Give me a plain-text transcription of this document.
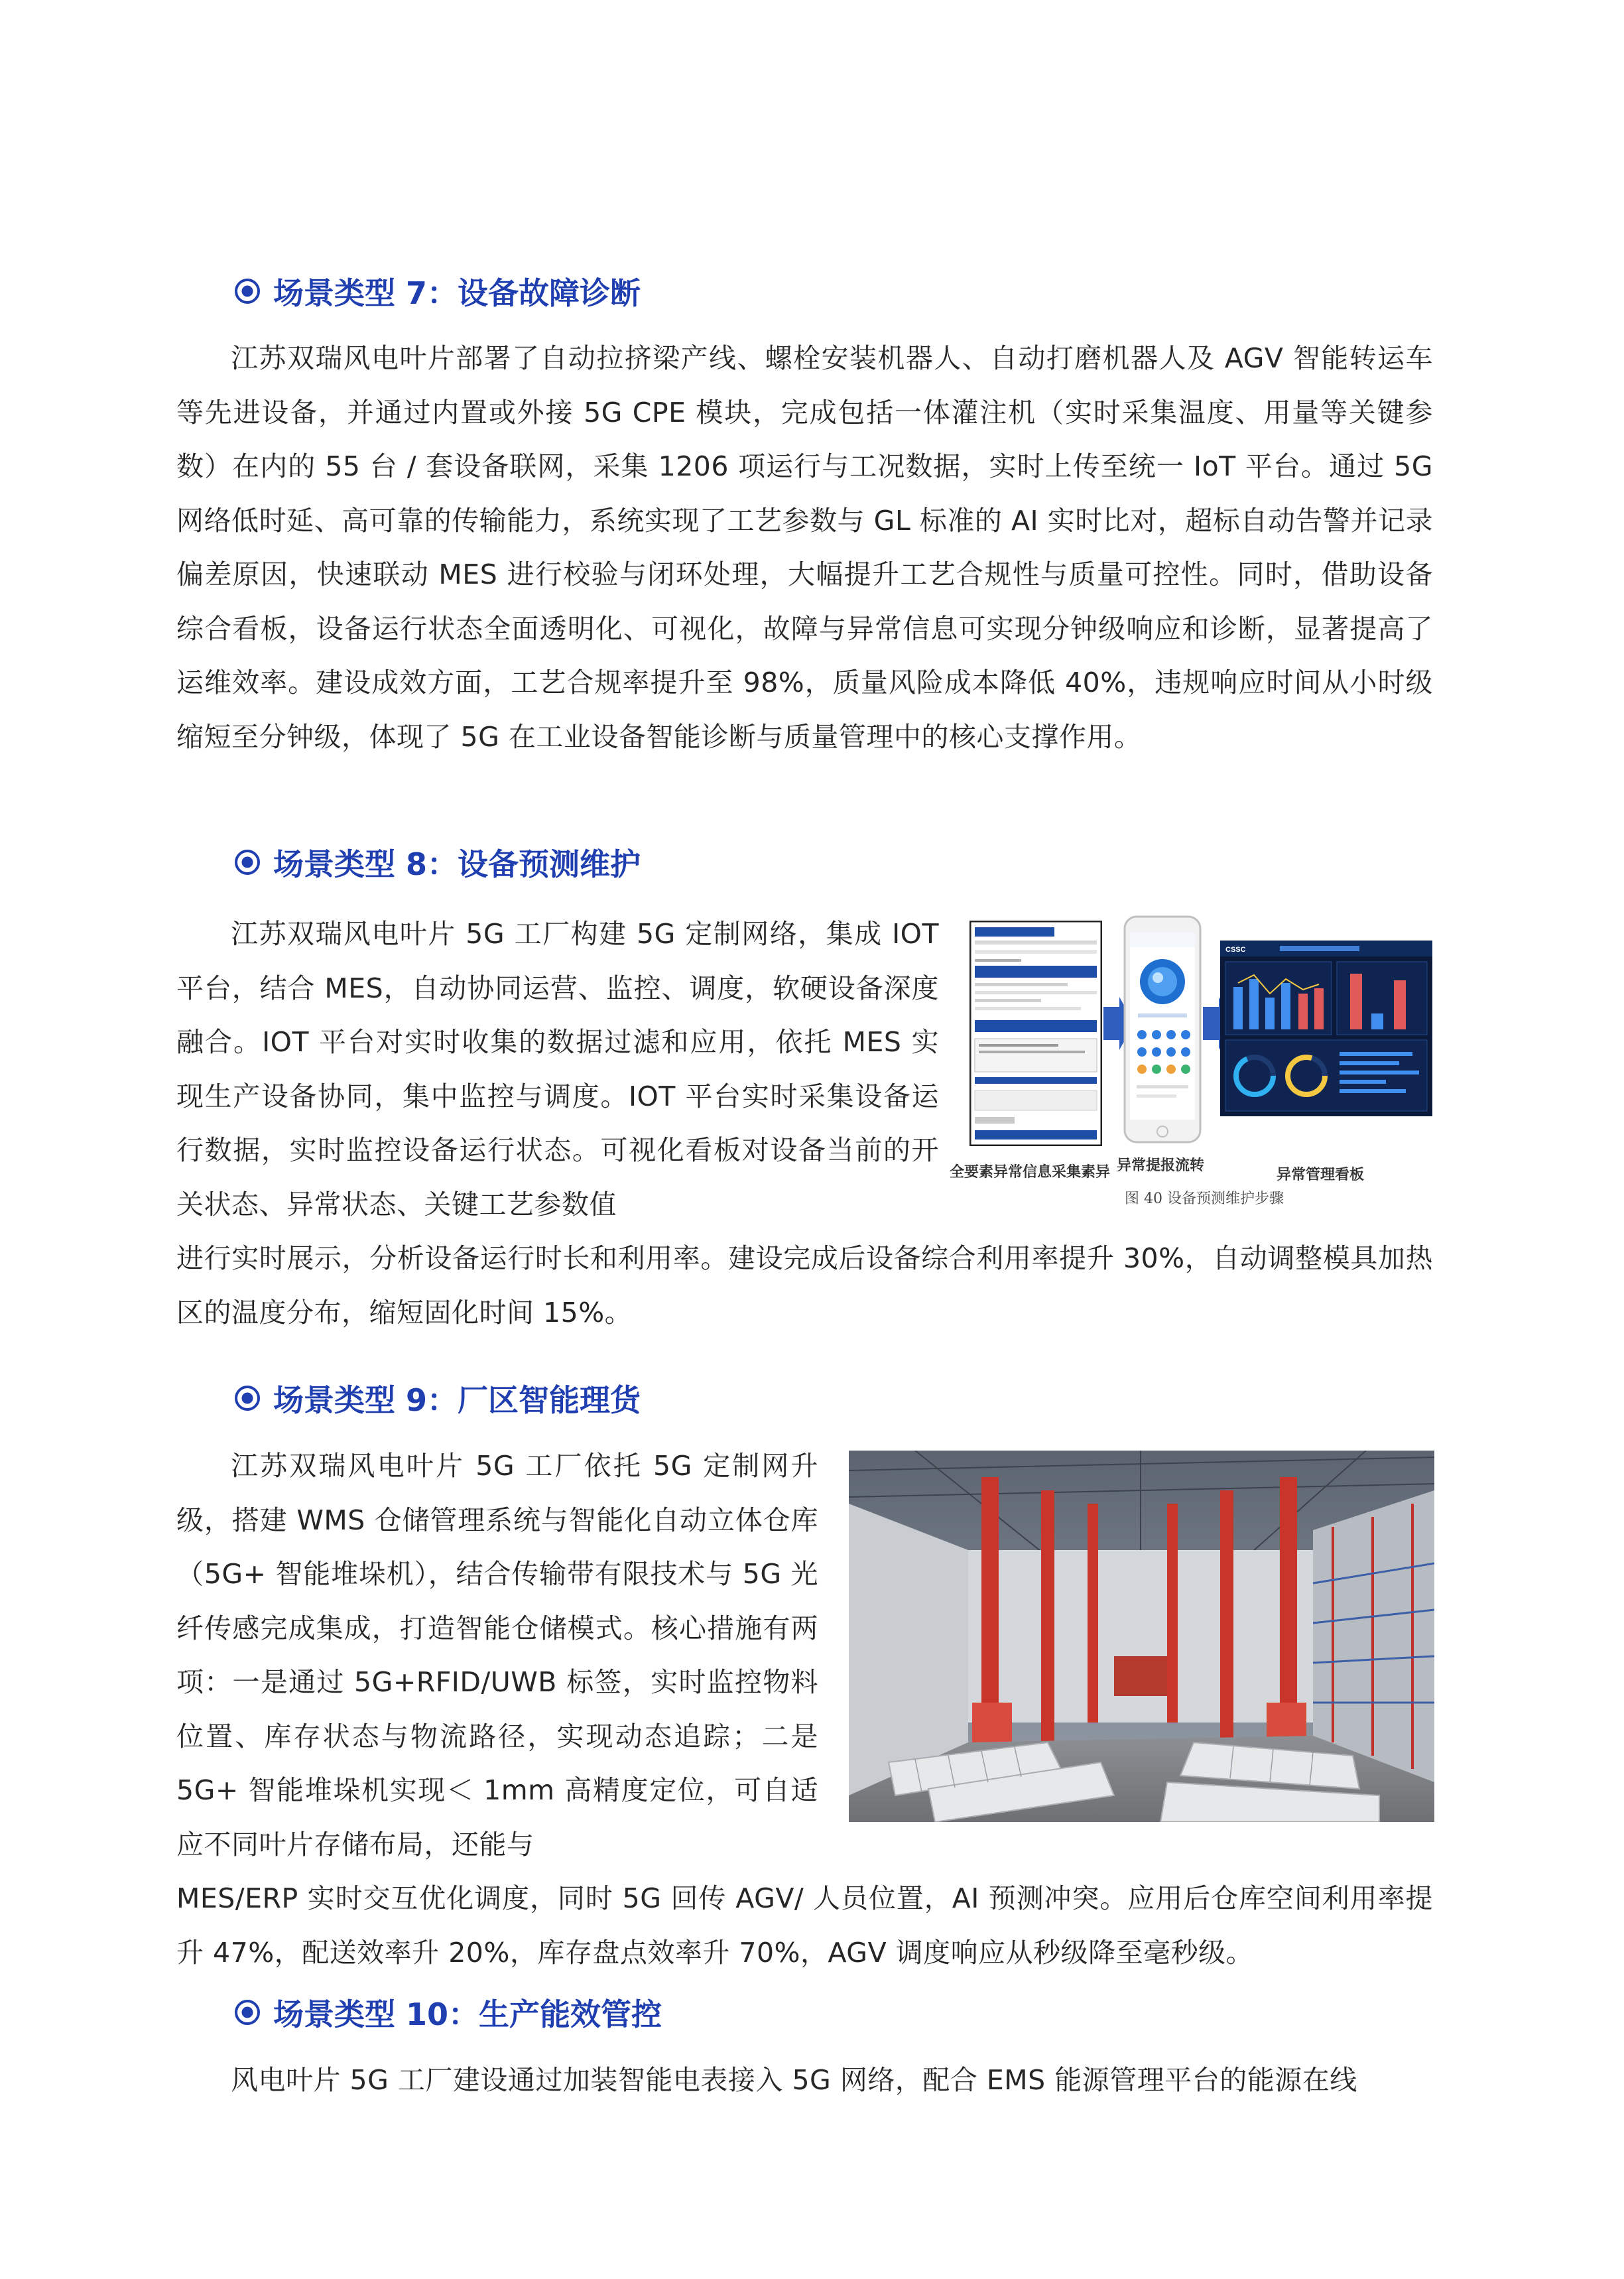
场景类型 7：设备故障诊断

江苏双瑞风电叶片部署了自动拉挤梁产线、螺栓安装机器人、自动打磨机器人及 AGV 智能转运车等先进设备，并通过内置或外接 5G CPE 模块，完成包括一体灌注机（实时采集温度、用量等关键参数）在内的 55 台 / 套设备联网，采集 1206 项运行与工况数据，实时上传至统一 IoT 平台。通过 5G 网络低时延、高可靠的传输能力，系统实现了工艺参数与 GL 标准的 AI 实时比对，超标自动告警并记录偏差原因，快速联动 MES 进行校验与闭环处理，大幅提升工艺合规性与质量可控性。同时，借助设备综合看板，设备运行状态全面透明化、可视化，故障与异常信息可实现分钟级响应和诊断，显著提高了运维效率。建设成效方面，工艺合规率提升至 98%，质量风险成本降低 40%，违规响应时间从小时级缩短至分钟级，体现了 5G 在工业设备智能诊断与质量管理中的核心支撑作用。

场景类型 8：设备预测维护

江苏双瑞风电叶片 5G 工厂构建 5G 定制网络，集成 IOT 平台，结合 MES，自动协同运营、监控、调度，软硬设备深度融合。IOT 平台对实时收集的数据过滤和应用，依托 MES 实现生产设备协同，集中监控与调度。IOT 平台实时采集设备运行数据，实时监控设备运行状态。可视化看板对设备当前的开关状态、异常状态、关键工艺参数值

进行实时展示，分析设备运行时长和利用率。建设完成后设备综合利用率提升 30%，自动调整模具加热区的温度分布，缩短固化时间 15%。

CSSC
全要素异常信息采集素异 异常提报流转
异常管理看板
图 40 设备预测维护步骤
场景类型 9：厂区智能理货

江苏双瑞风电叶片 5G 工厂依托 5G 定制网升级，搭建 WMS 仓储管理系统与智能化自动立体仓库（5G+ 智能堆垛机），结合传输带有限技术与 5G 光纤传感完成集成，打造智能仓储模式。核心措施有两项：一是通过 5G+RFID/UWB 标签，实时监控物料位置、库存状态与物流路径，实现动态追踪；二是 5G+ 智能堆垛机实现＜ 1mm 高精度定位，可自适应不同叶片存储布局，还能与

MES/ERP 实时交互优化调度，同时 5G 回传 AGV/ 人员位置，AI 预测冲突。应用后仓库空间利用率提升 47%，配送效率升 20%，库存盘点效率升 70%，AGV 调度响应从秒级降至毫秒级。

场景类型 10：生产能效管控

风电叶片 5G 工厂建设通过加装智能电表接入 5G 网络，配合 EMS 能源管理平台的能源在线
